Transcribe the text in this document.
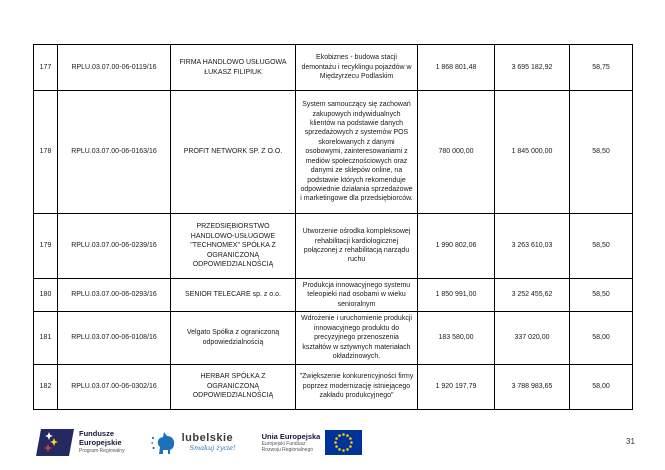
177	RPLU.03.07.00-06-0119/16	FIRMA HANDLOWO USŁUGOWA ŁUKASZ FILIPIUK	Ekobiznes - budowa stacji demontażu i recyklingu pojazdów w Międzyrzecu Podlaskim	1 868 801,48	3 695 182,92	58,75
178	RPLU.03.07.00-06-0163/16	PROFIT NETWORK SP. Z O.O.	System samouczący się zachowań zakupowych indywidualnych klientów na podstawie danych sprzedażowych z systemów POS skorelowanych z danymi osobowymi, zainteresowaniami z mediów społecznościowych oraz danymi ze sklepów online, na podstawie których rekomenduje odpowiednie działania sprzedażowe i marketingowe dla przedsiębiorców.	780 000,00	1 845 000,00	58,50
179	RPLU.03.07.00-06-0239/16	PRZEDSIĘBIORSTWO HANDLOWO-USŁUGOWE "TECHNOMEX" SPÓŁKA Z OGRANICZONĄ ODPOWIEDZIALNOŚCIĄ	Utworzenie ośrodka kompleksowej rehabilitacji kardiologicznej połączonej z rehabilitacją narządu ruchu	1 990 802,06	3 263 610,03	58,50
180	RPLU.03.07.00-06-0293/16	SENIOR TELECARE sp. z o.o.	Produkcja innowacyjnego systemu teleopieki nad osobami w wieku senioralnym	1 850 991,00	3 252 455,62	58,50
181	RPLU.03.07.00-06-0108/16	Velgato Spółka z ograniczoną odpowiedzialnością	Wdrożenie i uruchomienie produkcji innowacyjnego produktu do precyzyjnego przenoszenia kształtów w sztywnych materiałach okładzinowych.	183 580,00	337 020,00	58,00
182	RPLU.03.07.00-06-0302/16	HERBAR SPÓŁKA Z OGRANICZONĄ ODPOWIEDZIALNOŚCIĄ	"Zwiększenie konkurencyjności firmy poprzez modernizację istniejącego zakładu produkcyjnego"	1 920 197,79	3 788 983,65	58,00
Fundusze
Europejskie
Program Regionalny
lubelskie
Smakuj życie!
Unia Europejska
Europejski Fundusz
Rozwoju Regionalnego
31
